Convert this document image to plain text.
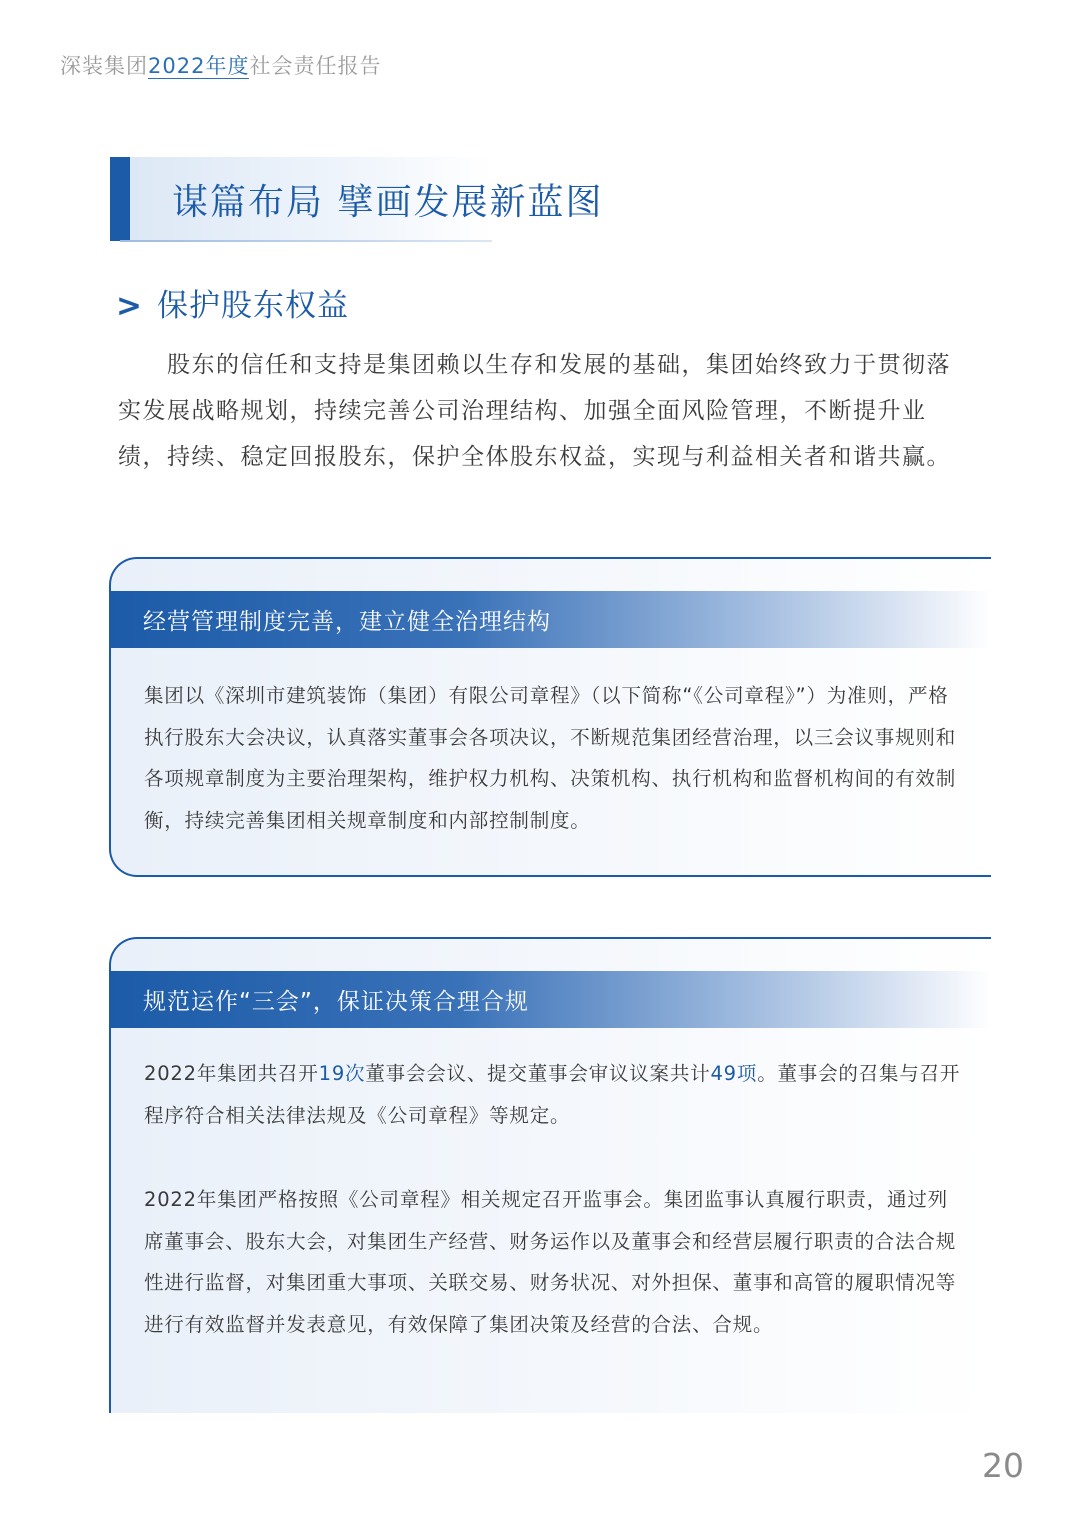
深装集团2022年度社会责任报告
谋篇布局 擘画发展新蓝图
> 保护股东权益

股东的信任和支持是集团赖以生存和发展的基础，集团始终致力于贯彻落实发展战略规划，持续完善公司治理结构、加强全面风险管理，不断提升业绩，持续、稳定回报股东，保护全体股东权益，实现与利益相关者和谐共赢。

经营管理制度完善，建立健全治理结构

集团以《深圳市建筑装饰（集团）有限公司章程》（以下简称“《公司章程》”）为准则，严格执行股东大会决议，认真落实董事会各项决议，不断规范集团经营治理，以三会议事规则和各项规章制度为主要治理架构，维护权力机构、决策机构、执行机构和监督机构间的有效制衡，持续完善集团相关规章制度和内部控制制度。

规范运作“三会”，保证决策合理合规

2022年集团共召开19次董事会会议、提交董事会审议议案共计49项。董事会的召集与召开程序符合相关法律法规及《公司章程》等规定。

2022年集团严格按照《公司章程》相关规定召开监事会。集团监事认真履行职责，通过列席董事会、股东大会，对集团生产经营、财务运作以及董事会和经营层履行职责的合法合规性进行监督，对集团重大事项、关联交易、财务状况、对外担保、董事和高管的履职情况等进行有效监督并发表意见，有效保障了集团决策及经营的合法、合规。

20
